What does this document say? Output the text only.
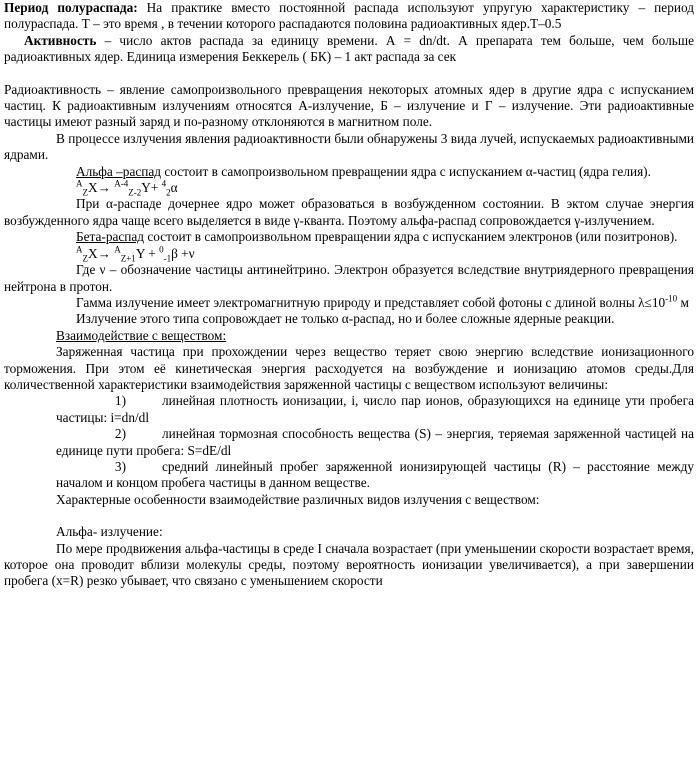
Период полураспада: На практике вместо постоянной распада используют упругую характеристику – период полураспада. Т – это время , в течении которого распадаются половина радиоактивных ядер.Т–0.5

Активность – число актов распада за единицу времени. А = dn/dt. А препарата тем больше, чем больше радиоактивных ядер. Единица измерения Беккерель ( БК) – 1 акт распада за сек

Радиоактивность – явление самопроизвольного превращения некоторых атомных ядер в другие ядра с испусканием частиц. К радиоактивным излучениям относятся А-излучение, Б – излучение и Г – излучение. Эти радиоактивные частицы имеют разный заряд и по-разному отклоняются в магнитном поле.

В процессе излучения явления радиоактивности были обнаружены 3 вида лучей, испускаемых радиоактивными ядрами.

Альфа –распад состоит в самопроизвольном превращении ядра с испусканием α-частиц (ядра гелия).

$^A_Z$X→ $^{A-4}_{Z-2}$Y+ $^4_2$α

При α-распаде дочернее ядро может образоваться в возбужденном состоянии. В эктом случае энергия возбужденного ядра чаще всего выделяется в виде γ-кванта. Поэтому альфа-распад сопровождается γ-излучением.

Бета-распад состоит в самопроизвольном превращении ядра с испусканием электронов (или позитронов).

$^A_Z$X→ $^A_{Z+1}$Y + $^0_{-1}$β +ν

Где ν – обозначение частицы антинейтрино. Электрон образуется вследствие внутриядерного превращения нейтрона в протон.

Гамма излучение имеет электромагнитную природу и представляет собой фотоны с длиной волны $\lambda\le 10^{-10}$ м

Излучение этого типа сопровождает не только α-распад, но и более сложные ядерные реакции.

Взаимодействие с веществом:

Заряженная частица при прохождении через вещество теряет свою энергию вследствие ионизационного торможения. При этом её кинетическая энергия расходуется на возбуждение и ионизацию атомов среды.Для количественной характеристики взаимодействия заряженной частицы с веществом используют величины:

1)	линейная плотность ионизации, i, число пар ионов, образующихся на единице ути пробега частицы: i=dn/dl

2)	линейная тормозная способность вещества (S) – энергия, теряемая заряженной частицей на единице пути пробега: S=dE/dl

3)	средний линейный пробег заряженной ионизирующей частицы (R) – расстояние между началом и концом пробега частицы в данном веществе.

Характерные особенности взаимодействие различных видов излучения с веществом:

Альфа- излучение:

По мере продвижения альфа-частицы в среде I сначала возрастает (при уменьшении скорости возрастает время, которое она проводит вблизи молекулы среды, поэтому вероятность ионизации увеличивается), а при завершении пробега (x=R) резко убывает, что связано с уменьшением скорости
